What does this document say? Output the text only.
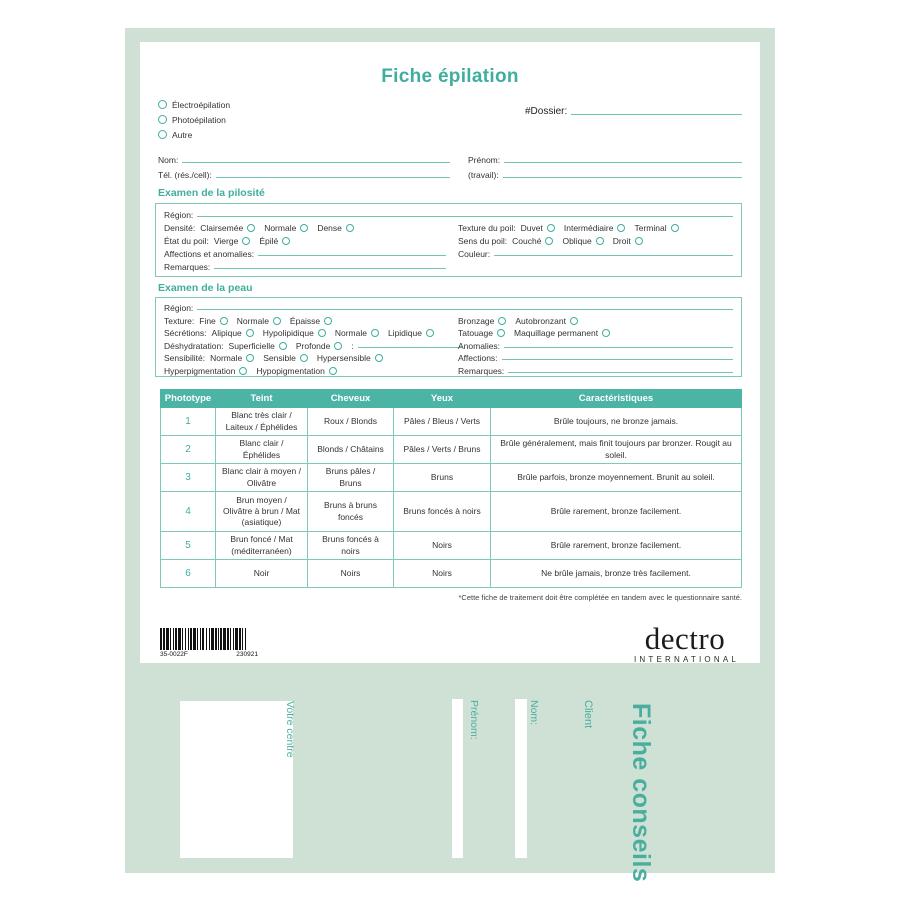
Fiche épilation
Électroépilation
Photoépilation
Autre
#Dossier:
Nom:	Prénom:
Tél. (rés./cell):	(travail):
Examen de la pilosité
Région:
Densité: Clairsemée Normale Dense	Texture du poil: Duvet Intermédiaire Terminal
État du poil: Vierge Épilé	Sens du poil: Couché Oblique Droit
Affections et anomalies:	Couleur:
Remarques:
Examen de la peau
Région:
Texture: Fine Normale Épaisse	Bronzage Autobronzant
Sécrétions: Alipique Hypolipidique Normale Lipidique	Tatouage Maquillage permanent
Déshydratation: Superficielle Profonde :	Anomalies:
Sensibilité: Normale Sensible Hypersensible	Affections:
Hyperpigmentation Hypopigmentation	Remarques:
Phototype	Teint	Cheveux	Yeux	Caractéristiques
1	Blanc très clair / Laiteux / Éphélides	Roux / Blonds	Pâles / Bleus / Verts	Brûle toujours, ne bronze jamais.
2	Blanc clair / Éphélides	Blonds / Châtains	Pâles / Verts / Bruns	Brûle généralement, mais finit toujours par bronzer. Rougit au soleil.
3	Blanc clair à moyen / Olivâtre	Bruns pâles / Bruns	Bruns	Brûle parfois, bronze moyennement. Brunit au soleil.
4	Brun moyen / Olivâtre à brun / Mat (asiatique)	Bruns à bruns foncés	Bruns foncés à noirs	Brûle rarement, bronze facilement.
5	Brun foncé / Mat (méditerranéen)	Bruns foncés à noirs	Noirs	Brûle rarement, bronze facilement.
6	Noir	Noirs	Noirs	Ne brûle jamais, bronze très facilement.
*Cette fiche de traitement doit être complétée en tandem avec le questionnaire santé.
35-0022F	230921	dectro
INTERNATIONAL
Votre centre	Prénom:	Nom:	Client Fiche conseils
